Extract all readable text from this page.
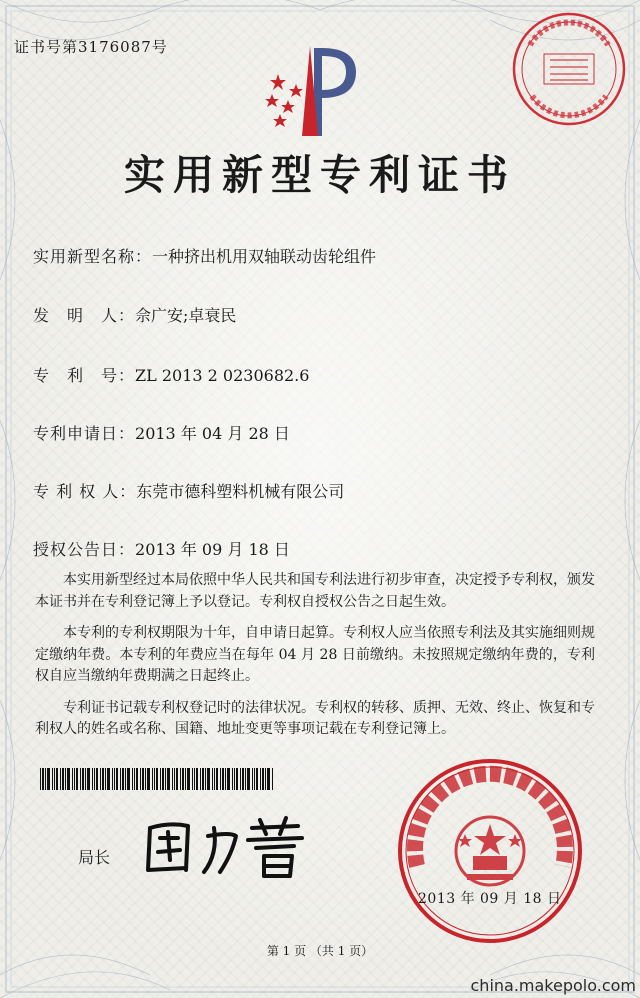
证书号第3176087号
实用新型专利证书
实用新型名称：一种挤出机用双轴联动齿轮组件
发　明　人：佘广安;卓衰民
专　利　号：ZL 2013 2 0230682.6
专利申请日：2013 年 04 月 28 日
专 利 权 人：东莞市德科塑料机械有限公司
授权公告日：2013 年 09 月 18 日

本实用新型经过本局依照中华人民共和国专利法进行初步审查，决定授予专利权，颁发本证书并在专利登记簿上予以登记。专利权自授权公告之日起生效。

本专利的专利权期限为十年，自申请日起算。专利权人应当依照专利法及其实施细则规定缴纳年费。本专利的年费应当在每年 04 月 28 日前缴纳。未按照规定缴纳年费的，专利权自应当缴纳年费期满之日起终止。

专利证书记载专利权登记时的法律状况。专利权的转移、质押、无效、终止、恢复和专利权人的姓名或名称、国籍、地址变更等事项记载在专利登记簿上。

局长
2013 年 09 月 18 日
第 1 页 （共 1 页）
china.makepolo.com
